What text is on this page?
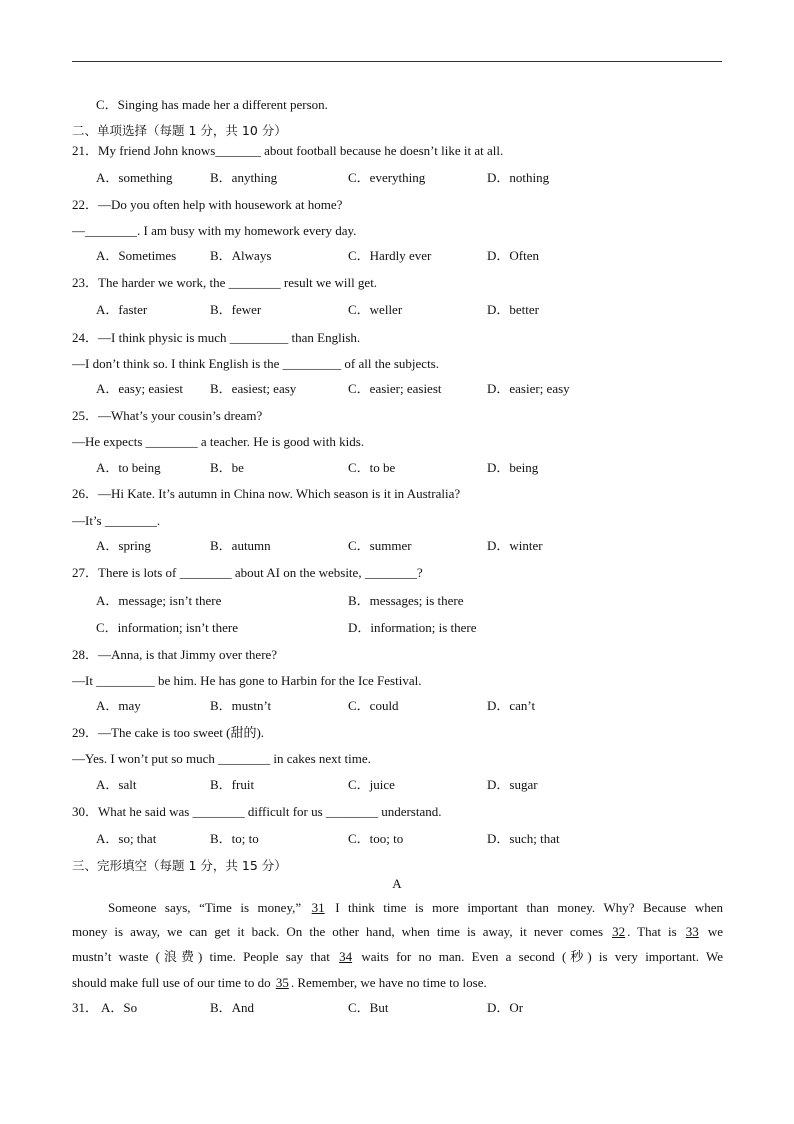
C．Singing has made her a different person.
二、单项选择（每题 1 分，共 10 分）
21．My friend John knows_______ about football because he doesn’t like it at all.
A．something	B．anything	C．everything	D．nothing
22．—Do you often help with housework at home?
—________. I am busy with my homework every day.
A．Sometimes	B．Always	C．Hardly ever	D．Often
23．The harder we work, the ________ result we will get.
A．faster	B．fewer	C．weller	D．better
24．—I think physic is much _________ than English.
—I don’t think so. I think English is the _________ of all the subjects.
A．easy; easiest B．easiest; easy	C．easier; easiest	D．easier; easy
25．—What’s your cousin’s dream?
—He expects ________ a teacher. He is good with kids.
A．to being	B．be	C．to be	D．being
26．—Hi Kate. It’s autumn in China now. Which season is it in Australia?
—It’s ________.
A．spring	B．autumn	C．summer	D．winter
27．There is lots of ________ about AI on the website, ________?
A．message; isn’t there	B．messages; is there
C．information; isn’t there	D．information; is there
28．—Anna, is that Jimmy over there?
—It _________ be him. He has gone to Harbin for the Ice Festival.
A．may	B．mustn’t	C．could	D．can’t
29．—The cake is too sweet (甜的).
—Yes. I won’t put so much ________ in cakes next time.
A．salt	B．fruit	C．juice	D．sugar
30．What he said was ________ difficult for us ________ understand.
A．so; that	B．to; to	C．too; to	D．such; that
三、完形填空（每题 1 分，共 15 分）
A
Someone says, “Time is money,” 31 I think time is more important than money. Why? Because when
money is away, we can get it back. On the other hand, when time is away, it never comes 32 . That is 33 we
mustn’t waste (浪费) time. People say that 34 waits for no man. Even a second (秒) is very important. We
should make full use of our time to do 35 . Remember, we have no time to lose.
31． A．So	B．And	C．But	D．Or
